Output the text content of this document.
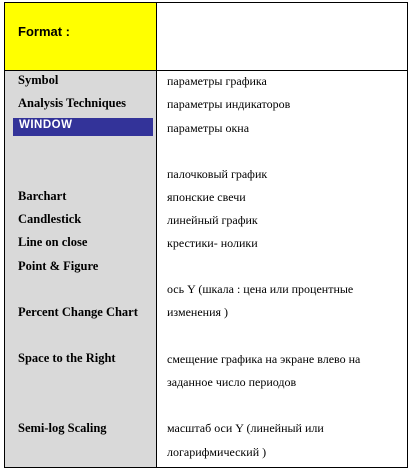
Format :
Symbol
Analysis Techniques
WINDOW
Barchart
Candlestick
Line on close
Point & Figure
Percent Change Chart
Space to the Right
Semi-log Scaling
параметры графика
параметры индикаторов
параметры окна
палочковый график
японские свечи
линейный график
крестики- нолики
ось Y (шкала : цена или процентные
изменения )
смещение графика на экране влево на
заданное число периодов
масштаб оси Y (линейный или
логарифмический )
